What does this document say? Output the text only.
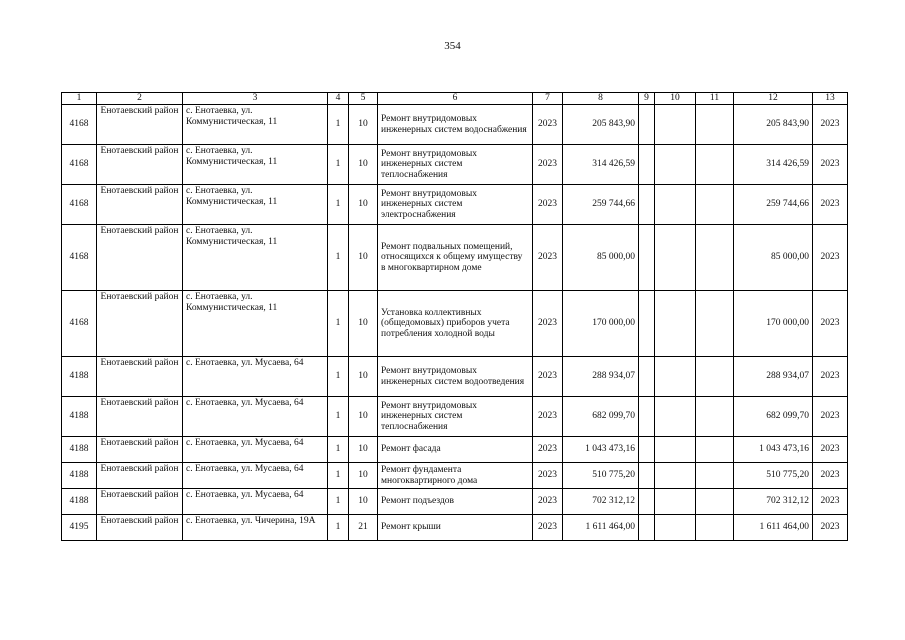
354
1	2	3	4	5	6	7	8	9	10	11	12	13
4168	Енотаевский район	с. Енотаевка, ул. Коммунистическая, 11	1	10	Ремонт внутридомовых инженерных систем водоснабжения	2023	205 843,90				205 843,90	2023
4168	Енотаевский район	с. Енотаевка, ул. Коммунистическая, 11	1	10	Ремонт внутридомовых инженерных систем теплоснабжения	2023	314 426,59				314 426,59	2023
4168	Енотаевский район	с. Енотаевка, ул. Коммунистическая, 11	1	10	Ремонт внутридомовых инженерных систем электроснабжения	2023	259 744,66				259 744,66	2023
4168	Енотаевский район	с. Енотаевка, ул. Коммунистическая, 11	1	10	Ремонт подвальных помещений, относящихся к общему имуществу в многоквартирном доме	2023	85 000,00				85 000,00	2023
4168	Енотаевский район	с. Енотаевка, ул. Коммунистическая, 11	1	10	Установка коллективных (общедомовых) приборов учета потребления холодной воды	2023	170 000,00				170 000,00	2023
4188	Енотаевский район	с. Енотаевка, ул. Мусаева, 64	1	10	Ремонт внутридомовых инженерных систем водоотведения	2023	288 934,07				288 934,07	2023
4188	Енотаевский район	с. Енотаевка, ул. Мусаева, 64	1	10	Ремонт внутридомовых инженерных систем теплоснабжения	2023	682 099,70				682 099,70	2023
4188	Енотаевский район	с. Енотаевка, ул. Мусаева, 64	1	10	Ремонт фасада	2023	1 043 473,16				1 043 473,16	2023
4188	Енотаевский район	с. Енотаевка, ул. Мусаева, 64	1	10	Ремонт фундамента многоквартирного дома	2023	510 775,20				510 775,20	2023
4188	Енотаевский район	с. Енотаевка, ул. Мусаева, 64	1	10	Ремонт подъездов	2023	702 312,12				702 312,12	2023
4195	Енотаевский район	с. Енотаевка, ул. Чичерина, 19А	1	21	Ремонт крыши	2023	1 611 464,00				1 611 464,00	2023
